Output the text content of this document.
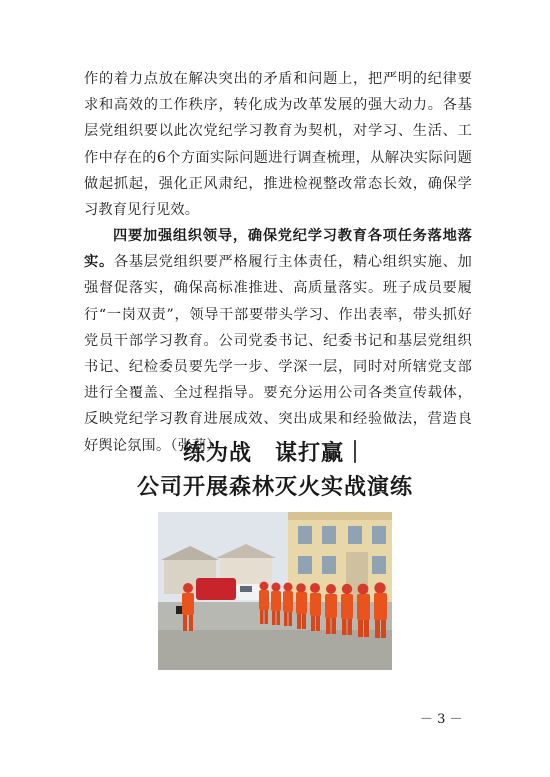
作的着力点放在解决突出的矛盾和问题上，把严明的纪律要求和高效的工作秩序，转化成为改革发展的强大动力。各基层党组织要以此次党纪学习教育为契机，对学习、生活、工作中存在的6个方面实际问题进行调查梳理，从解决实际问题做起抓起，强化正风肃纪，推进检视整改常态长效，确保学习教育见行见效。

四要加强组织领导，确保党纪学习教育各项任务落地落实。各基层党组织要严格履行主体责任，精心组织实施、加强督促落实，确保高标准推进、高质量落实。班子成员要履行“一岗双责”，领导干部要带头学习、作出表率，带头抓好党员干部学习教育。公司党委书记、纪委书记和基层党组织书记、纪检委员要先学一步、学深一层，同时对所辖党支部进行全覆盖、全过程指导。要充分运用公司各类宣传载体，反映党纪学习教育进展成效、突出成果和经验做法，营造良好舆论氛围。（张莉）

练为战　谋打赢｜
公司开展森林灭火实战演练
－ 3 －
